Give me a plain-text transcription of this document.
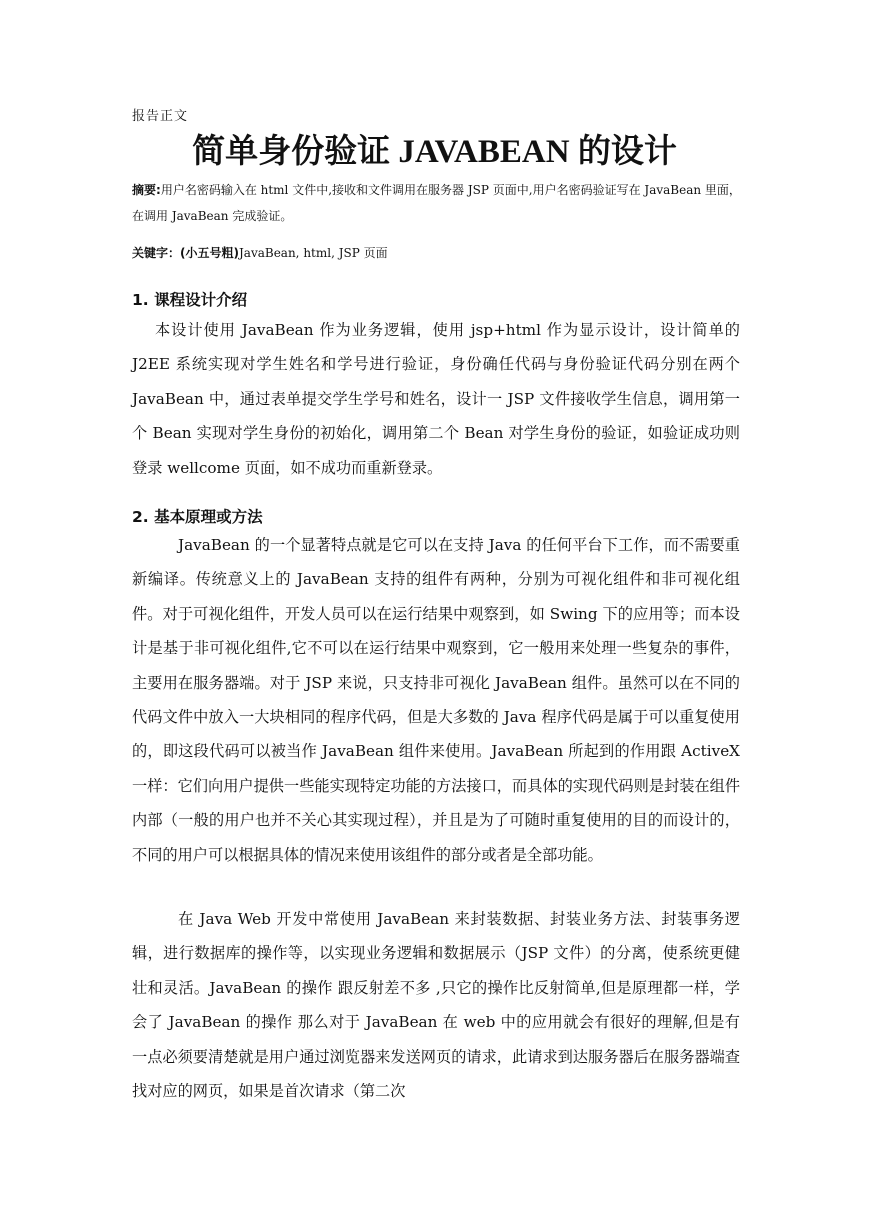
报告正文
简单身份验证 JAVABEAN 的设计
摘要:用户名密码输入在 html 文件中,接收和文件调用在服务器 JSP 页面中,用户名密码验证写在 JavaBean 里面，在调用 JavaBean 完成验证。
关键字：(小五号粗)JavaBean, html, JSP 页面
1. 课程设计介绍
本设计使用 JavaBean 作为业务逻辑，使用 jsp+html 作为显示设计，设计简单的 J2EE 系统实现对学生姓名和学号进行验证，身份确任代码与身份验证代码分别在两个 JavaBean 中，通过表单提交学生学号和姓名，设计一 JSP 文件接收学生信息，调用第一个 Bean 实现对学生身份的初始化，调用第二个 Bean 对学生身份的验证，如验证成功则登录 wellcome 页面，如不成功而重新登录。
2. 基本原理或方法
JavaBean 的一个显著特点就是它可以在支持 Java 的任何平台下工作，而不需要重新编译。传统意义上的 JavaBean 支持的组件有两种，分别为可视化组件和非可视化组件。对于可视化组件，开发人员可以在运行结果中观察到，如 Swing 下的应用等；而本设计是基于非可视化组件,它不可以在运行结果中观察到，它一般用来处理一些复杂的事件，主要用在服务器端。对于 JSP 来说，只支持非可视化 JavaBean 组件。虽然可以在不同的代码文件中放入一大块相同的程序代码，但是大多数的 Java 程序代码是属于可以重复使用的，即这段代码可以被当作 JavaBean 组件来使用。JavaBean 所起到的作用跟 ActiveX 一样：它们向用户提供一些能实现特定功能的方法接口，而具体的实现代码则是封装在组件内部（一般的用户也并不关心其实现过程），并且是为了可随时重复使用的目的而设计的，不同的用户可以根据具体的情况来使用该组件的部分或者是全部功能。
在 Java Web 开发中常使用 JavaBean 来封装数据、封装业务方法、封装事务逻辑，进行数据库的操作等，以实现业务逻辑和数据展示（JSP 文件）的分离，使系统更健壮和灵活。JavaBean 的操作 跟反射差不多 ,只它的操作比反射简单,但是原理都一样，学会了 JavaBean 的操作 那么对于 JavaBean 在 web 中的应用就会有很好的理解,但是有一点必须要清楚就是用户通过浏览器来发送网页的请求，此请求到达服务器后在服务器端查找对应的网页，如果是首次请求（第二次
